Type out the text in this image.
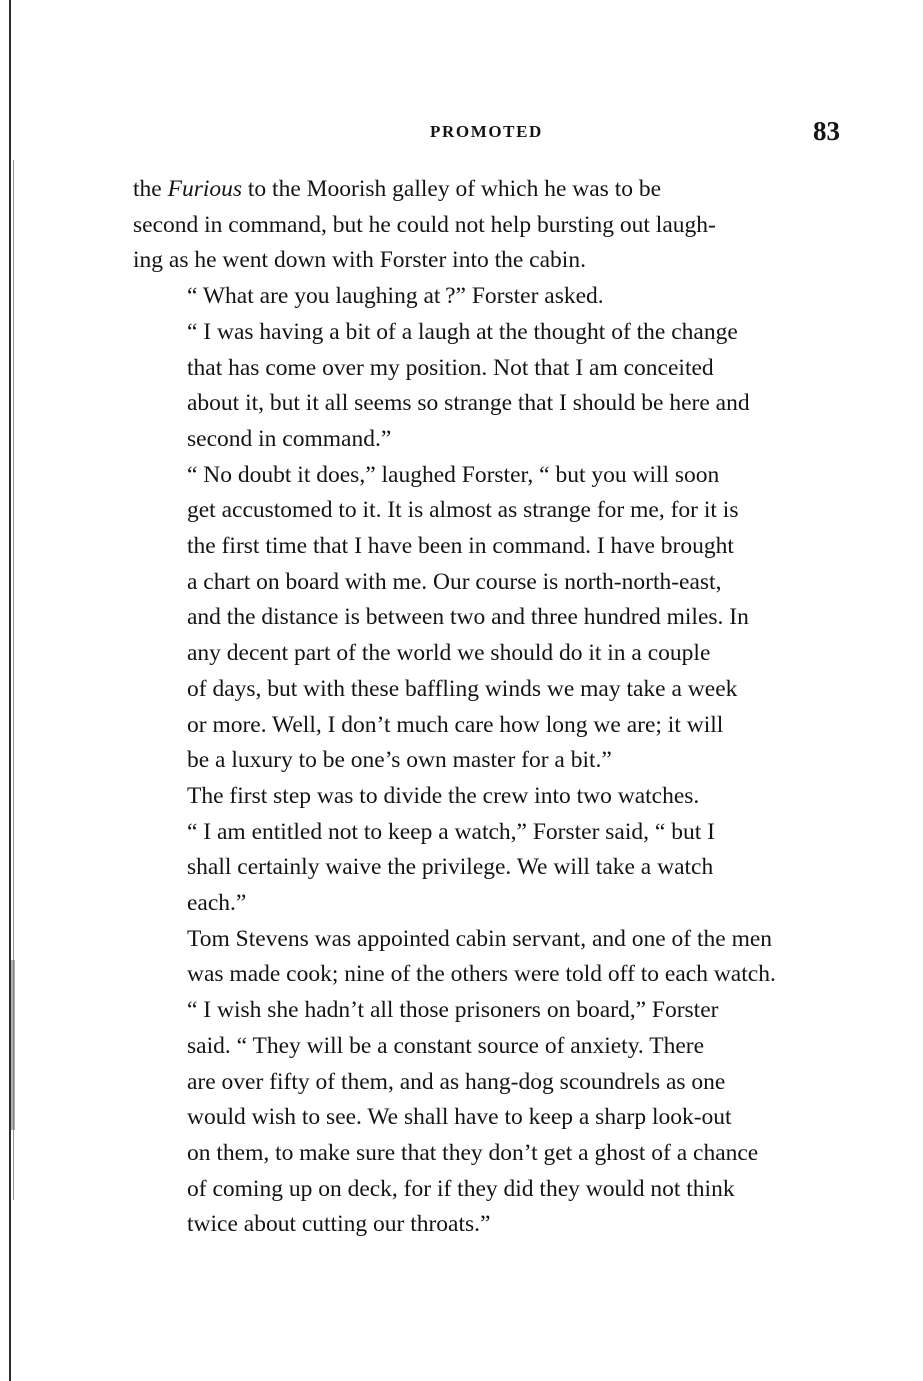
PROMOTED	83

the Furious to the Moorish galley of which he was to be
second in command, but he could not help bursting out laugh-
ing as he went down with Forster into the cabin.

“ What are you laughing at ?” Forster asked.

“ I was having a bit of a laugh at the thought of the change
that has come over my position. Not that I am conceited
about it, but it all seems so strange that I should be here and
second in command.”

“ No doubt it does,” laughed Forster, “ but you will soon
get accustomed to it. It is almost as strange for me, for it is
the first time that I have been in command. I have brought
a chart on board with me. Our course is north-north-east,
and the distance is between two and three hundred miles. In
any decent part of the world we should do it in a couple
of days, but with these baffling winds we may take a week
or more. Well, I don’t much care how long we are; it will
be a luxury to be one’s own master for a bit.”

The first step was to divide the crew into two watches.

“ I am entitled not to keep a watch,” Forster said, “ but I
shall certainly waive the privilege. We will take a watch
each.”

Tom Stevens was appointed cabin servant, and one of the men
was made cook; nine of the others were told off to each watch.

“ I wish she hadn’t all those prisoners on board,” Forster
said. “ They will be a constant source of anxiety. There
are over fifty of them, and as hang-dog scoundrels as one
would wish to see. We shall have to keep a sharp look-out
on them, to make sure that they don’t get a ghost of a chance
of coming up on deck, for if they did they would not think
twice about cutting our throats.”
